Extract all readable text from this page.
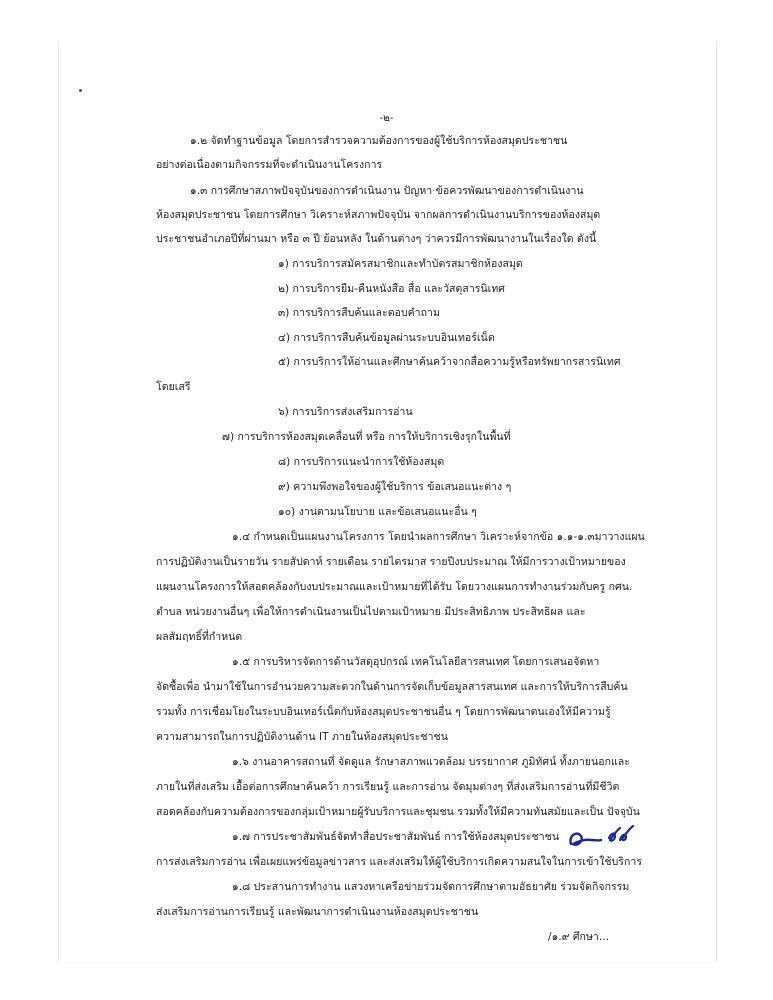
-๒-
๑.๒ จัดทำฐานข้อมูล โดยการสำรวจความต้องการของผู้ใช้บริการห้องสมุดประชาชน
อย่างต่อเนื่องตามกิจกรรมที่จะดำเนินงานโครงการ
๑.๓ การศึกษาสภาพปัจจุบันของการดำเนินงาน ปัญหา ข้อควรพัฒนาของการดำเนินงาน
ห้องสมุดประชาชน โดยการศึกษา วิเคราะห์สภาพปัจจุบัน จากผลการดำเนินงานบริการของห้องสมุด
ประชาชนอำเภอปีที่ผ่านมา หรือ ๓ ปี ย้อนหลัง ในด้านต่างๆ ว่าควรมีการพัฒนางานในเรื่องใด ดังนี้
๑) การบริการสมัครสมาชิกและทำบัตรสมาชิกห้องสมุด
๒) การบริการยืม-คืนหนังสือ สื่อ และวัสดุสารนิเทศ
๓) การบริการสืบค้นและตอบคำถาม
๔) การบริการสืบค้นข้อมูลผ่านระบบอินเทอร์เน็ต
๕) การบริการให้อ่านและศึกษาค้นคว้าจากสื่อความรู้หรือทรัพยากรสารนิเทศ
โดยเสรี
๖) การบริการส่งเสริมการอ่าน
๗) การบริการห้องสมุดเคลื่อนที่ หรือ การให้บริการเชิงรุกในพื้นที่
๘) การบริการแนะนำการใช้ห้องสมุด
๙) ความพึงพอใจของผู้ใช้บริการ ข้อเสนอแนะต่าง ๆ
๑๐) งานตามนโยบาย และข้อเสนอแนะอื่น ๆ
๑.๔ กำหนดเป็นแผนงานโครงการ โดยนำผลการศึกษา วิเคราะห์จากข้อ ๑.๑-๑.๓มาวางแผน
การปฏิบัติงานเป็นรายวัน รายสัปดาห์ รายเดือน รายไตรมาส รายปีงบประมาณ ให้มีการวางเป้าหมายของ
แผนงานโครงการให้สอดคล้องกับงบประมาณและเป้าหมายที่ได้รับ โดยวางแผนการทำงานร่วมกับครู กศน.
ตำบล หน่วยงานอื่นๆ เพื่อให้การดำเนินงานเป็นไปตามเป้าหมาย มีประสิทธิภาพ ประสิทธิผล และ
ผลสัมฤทธิ์ที่กำหนด
๑.๕ การบริหารจัดการด้านวัสดุอุปกรณ์ เทคโนโลยีสารสนเทศ โดยการเสนอจัดหา
จัดซื้อเพื่อ นำมาใช้ในการอำนวยความสะดวกในด้านการจัดเก็บข้อมูลสารสนเทศ และการให้บริการสืบค้น
รวมทั้ง การเชื่อมโยงในระบบอินเทอร์เน็ตกับห้องสมุดประชาชนอื่น ๆ โดยการพัฒนาตนเองให้มีความรู้
ความสามารถในการปฏิบัติงานด้าน IT ภายในห้องสมุดประชาชน
๑.๖ งานอาคารสถานที่ จัดดูแล รักษาสภาพแวดล้อม บรรยากาศ ภูมิทัศน์ ทั้งภายนอกและ
ภายในที่ส่งเสริม เอื้อต่อการศึกษาค้นคว้า การเรียนรู้ และการอ่าน จัดมุมต่างๆ ที่ส่งเสริมการอ่านที่มีชีวิต
สอดคล้องกับความต้องการของกลุ่มเป้าหมายผู้รับบริการและชุมชน รวมทั้งให้มีความทันสมัยและเป็น ปัจจุบัน
๑.๗ การประชาสัมพันธ์จัดทำสื่อประชาสัมพันธ์ การใช้ห้องสมุดประชาชน
การส่งเสริมการอ่าน เพื่อเผยแพร่ข้อมูลข่าวสาร และส่งเสริมให้ผู้ใช้บริการเกิดความสนใจในการเข้าใช้บริการ
๑.๘ ประสานการทำงาน แสวงหาเครือข่ายร่วมจัดการศึกษาตามอัธยาศัย ร่วมจัดกิจกรรม
ส่งเสริมการอ่านการเรียนรู้ และพัฒนาการดำเนินงานห้องสมุดประชาชน
/๑.๙ ศึกษา...
